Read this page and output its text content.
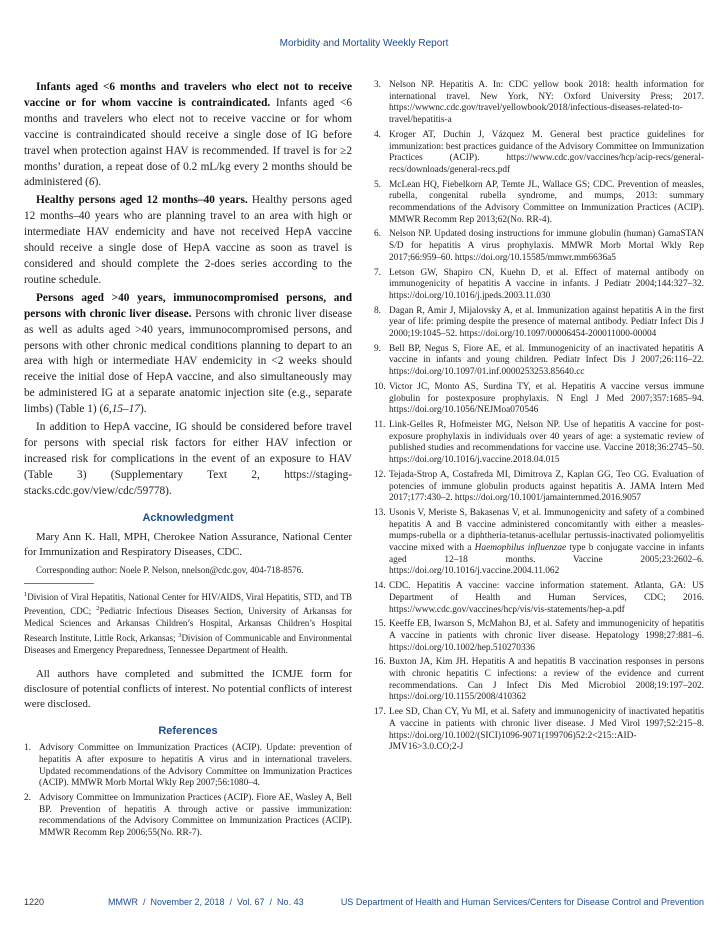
Morbidity and Mortality Weekly Report

Infants aged <6 months and travelers who elect not to receive vaccine or for whom vaccine is contraindicated. Infants aged <6 months and travelers who elect not to receive vaccine or for whom vaccine is contraindicated should receive a single dose of IG before travel when protection against HAV is recommended. If travel is for ≥2 months’ duration, a repeat dose of 0.2 mL/kg every 2 months should be administered (6).

Healthy persons aged 12 months–40 years. Healthy persons aged 12 months–40 years who are planning travel to an area with high or intermediate HAV endemicity and have not received HepA vaccine should receive a single dose of HepA vaccine as soon as travel is considered and should complete the 2-does series according to the routine schedule.

Persons aged >40 years, immunocompromised persons, and persons with chronic liver disease. Persons with chronic liver disease as well as adults aged >40 years, immunocompromised persons, and persons with other chronic medical conditions planning to depart to an area with high or intermediate HAV endemicity in <2 weeks should receive the initial dose of HepA vaccine, and also simultaneously may be administered IG at a separate anatomic injection site (e.g., separate limbs) (Table 1) (6,15–17).

In addition to HepA vaccine, IG should be considered before travel for persons with special risk factors for either HAV infection or increased risk for complications in the event of an exposure to HAV (Table 3) (Supplementary Text 2, https://staging-stacks.cdc.gov/view/cdc/59778).

Acknowledgment

Mary Ann K. Hall, MPH, Cherokee Nation Assurance, National Center for Immunization and Respiratory Diseases, CDC.

Corresponding author: Noele P. Nelson, nnelson@cdc.gov, 404-718-8576.

$^1$Division of Viral Hepatitis, National Center for HIV/AIDS, Viral Hepatitis, STD, and TB Prevention, CDC; $^2$Pediatric Infectious Diseases Section, University of Arkansas for Medical Sciences and Arkansas Children’s Hospital, Arkansas Children’s Hospital Research Institute, Little Rock, Arkansas; $^3$Division of Communicable and Environmental Diseases and Emergency Preparedness, Tennessee Department of Health.

All authors have completed and submitted the ICMJE form for disclosure of potential conflicts of interest. No potential conflicts of interest were disclosed.

References

1. Advisory Committee on Immunization Practices (ACIP). Update: prevention of hepatitis A after exposure to hepatitis A virus and in international travelers. Updated recommendations of the Advisory Committee on Immunization Practices (ACIP). MMWR Morb Mortal Wkly Rep 2007;56:1080–4.

2. Advisory Committee on Immunization Practices (ACIP). Fiore AE, Wasley A, Bell BP. Prevention of hepatitis A through active or passive immunization: recommendations of the Advisory Committee on Immunization Practices (ACIP). MMWR Recomm Rep 2006;55(No. RR-7).

3. Nelson NP. Hepatitis A. In: CDC yellow book 2018: health information for international travel. New York, NY: Oxford University Press; 2017. https://wwwnc.cdc.gov/travel/yellowbook/2018/infectious-diseases-related-to-travel/hepatitis-a

4. Kroger AT, Duchin J, Vázquez M. General best practice guidelines for immunization: best practices guidance of the Advisory Committee on Immunization Practices (ACIP). https://www.cdc.gov/vaccines/hcp/acip-recs/general-recs/downloads/general-recs.pdf

5. McLean HQ, Fiebelkorn AP, Temte JL, Wallace GS; CDC. Prevention of measles, rubella, congenital rubella syndrome, and mumps, 2013: summary recommendations of the Advisory Committee on Immunization Practices (ACIP). MMWR Recomm Rep 2013;62(No. RR-4).

6. Nelson NP. Updated dosing instructions for immune globulin (human) GamaSTAN S/D for hepatitis A virus prophylaxis. MMWR Morb Mortal Wkly Rep 2017;66:959–60. https://doi.org/10.15585/mmwr.mm6636a5

7. Letson GW, Shapiro CN, Kuehn D, et al. Effect of maternal antibody on immunogenicity of hepatitis A vaccine in infants. J Pediatr 2004;144:327–32. https://doi.org/10.1016/j.jpeds.2003.11.030

8. Dagan R, Amir J, Mijalovsky A, et al. Immunization against hepatitis A in the first year of life: priming despite the presence of maternal antibody. Pediatr Infect Dis J 2000;19:1045–52. https://doi.org/10.1097/00006454-200011000-00004

9. Bell BP, Negus S, Fiore AE, et al. Immunogenicity of an inactivated hepatitis A vaccine in infants and young children. Pediatr Infect Dis J 2007;26:116–22. https://doi.org/10.1097/01.inf.0000253253.85640.cc

10. Victor JC, Monto AS, Surdina TY, et al. Hepatitis A vaccine versus immune globulin for postexposure prophylaxis. N Engl J Med 2007;357:1685–94. https://doi.org/10.1056/NEJMoa070546

11. Link-Gelles R, Hofmeister MG, Nelson NP. Use of hepatitis A vaccine for post-exposure prophylaxis in individuals over 40 years of age: a systematic review of published studies and recommendations for vaccine use. Vaccine 2018;36:2745–50. https://doi.org/10.1016/j.vaccine.2018.04.015

12. Tejada-Strop A, Costafreda MI, Dimitrova Z, Kaplan GG, Teo CG. Evaluation of potencies of immune globulin products against hepatitis A. JAMA Intern Med 2017;177:430–2. https://doi.org/10.1001/jamainternmed.2016.9057

13. Usonis V, Meriste S, Bakasenas V, et al. Immunogenicity and safety of a combined hepatitis A and B vaccine administered concomitantly with either a measles-mumps-rubella or a diphtheria-tetanus-acellular pertussis-inactivated poliomyelitis vaccine mixed with a Haemophilus influenzae type b conjugate vaccine in infants aged 12–18 months. Vaccine 2005;23:2602–6. https://doi.org/10.1016/j.vaccine.2004.11.062

14. CDC. Hepatitis A vaccine: vaccine information statement. Atlanta, GA: US Department of Health and Human Services, CDC; 2016. https://www.cdc.gov/vaccines/hcp/vis/vis-statements/hep-a.pdf

15. Keeffe EB, Iwarson S, McMahon BJ, et al. Safety and immunogenicity of hepatitis A vaccine in patients with chronic liver disease. Hepatology 1998;27:881–6. https://doi.org/10.1002/hep.510270336

16. Buxton JA, Kim JH. Hepatitis A and hepatitis B vaccination responses in persons with chronic hepatitis C infections: a review of the evidence and current recommendations. Can J Infect Dis Med Microbiol 2008;19:197–202. https://doi.org/10.1155/2008/410362

17. Lee SD, Chan CY, Yu MI, et al. Safety and immunogenicity of inactivated hepatitis A vaccine in patients with chronic liver disease. J Med Virol 1997;52:215–8. https://doi.org/10.1002/(SICI)1096-9071(199706)52:2<215::AID-JMV16>3.0.CO;2-J

1220	MMWR  /  November 2, 2018  /  Vol. 67  /  No. 43	US Department of Health and Human Services/Centers for Disease Control and Prevention
